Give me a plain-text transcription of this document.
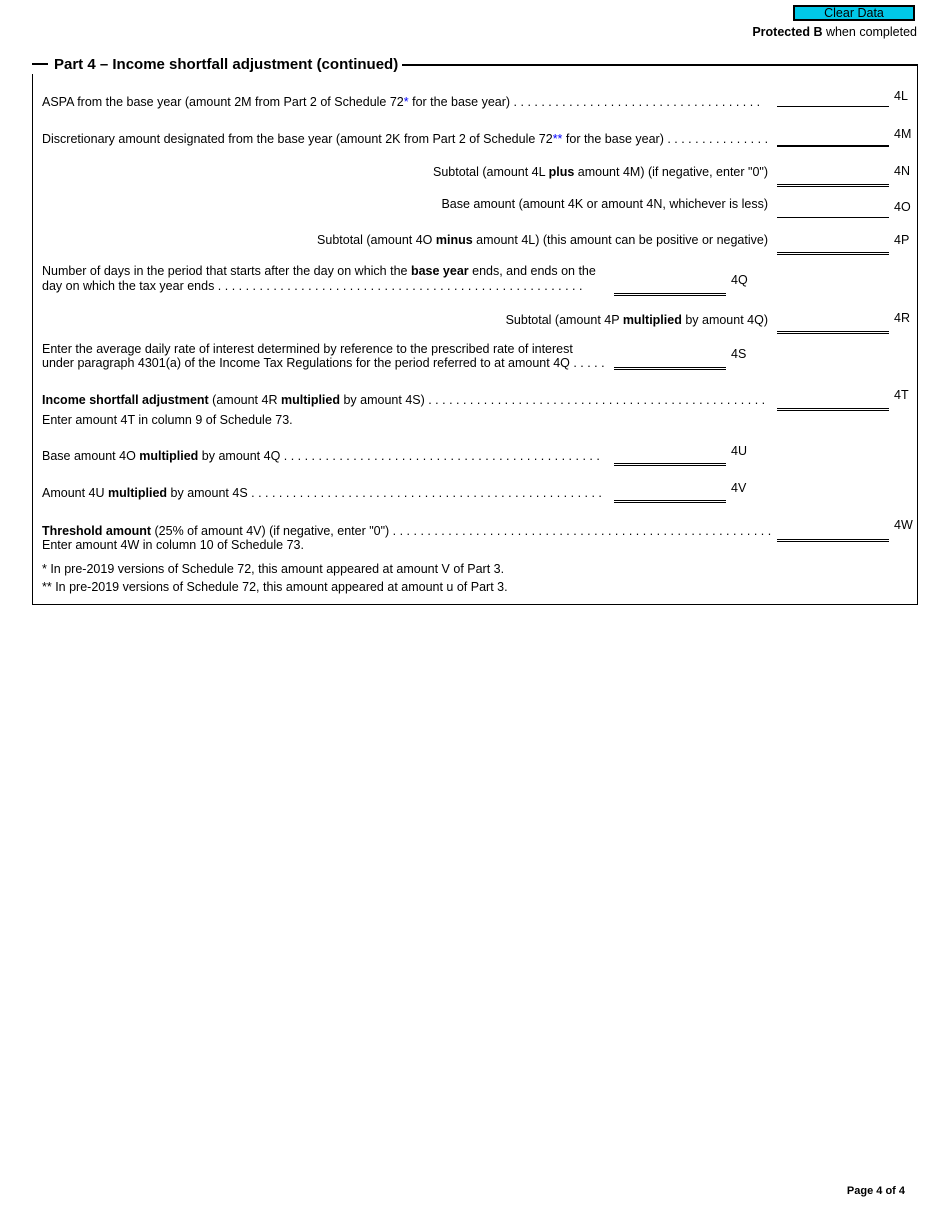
Clear Data
Protected B when completed
Part 4 – Income shortfall adjustment (continued)
ASPA from the base year (amount 2M from Part 2 of Schedule 72* for the base year) . . . . . . . . . . . . . . . . . . . . . . . . . . . . . . . . . . . .	4L
Discretionary amount designated from the base year (amount 2K from Part 2 of Schedule 72** for the base year) . . . . . . . . . . . . . . .	4M
Subtotal (amount 4L plus amount 4M) (if negative, enter "0")	4N
Base amount (amount 4K or amount 4N, whichever is less)	4O
Subtotal (amount 4O minus amount 4L) (this amount can be positive or negative)	4P
Number of days in the period that starts after the day on which the base year ends, and ends on the
day on which the tax year ends . . . . . . . . . . . . . . . . . . . . . . . . . . . . . . . . . . . . . . . . . . . . . . . . . . . . .	4Q
Subtotal (amount 4P multiplied by amount 4Q)	4R
Enter the average daily rate of interest determined by reference to the prescribed rate of interest
under paragraph 4301(a) of the Income Tax Regulations for the period referred to at amount 4Q . . . . .
4S
Income shortfall adjustment (amount 4R multiplied by amount 4S) . . . . . . . . . . . . . . . . . . . . . . . . . . . . . . . . . . . . . . . . . . . . . . . . .
Enter amount 4T in column 9 of Schedule 73.
4T
Base amount 4O multiplied by amount 4Q . . . . . . . . . . . . . . . . . . . . . . . . . . . . . . . . . . . . . . . . . . . . . .	4U
Amount 4U multiplied by amount 4S . . . . . . . . . . . . . . . . . . . . . . . . . . . . . . . . . . . . . . . . . . . . . . . . . . .	4V
Threshold amount (25% of amount 4V) (if negative, enter "0") . . . . . . . . . . . . . . . . . . . . . . . . . . . . . . . . . . . . . . . . . . . . . . . . . . . . . . .
Enter amount 4W in column 10 of Schedule 73.
4W
* In pre-2019 versions of Schedule 72, this amount appeared at amount V of Part 3.
** In pre-2019 versions of Schedule 72, this amount appeared at amount u of Part 3.
Page 4 of 4
